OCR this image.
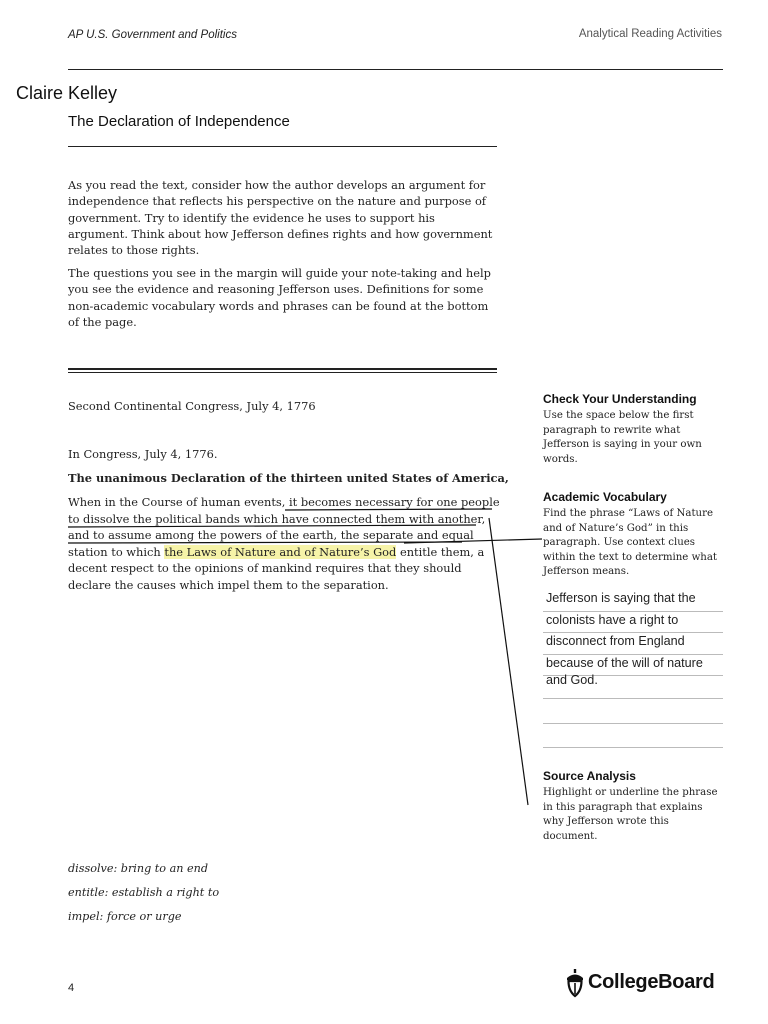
AP U.S. Government and Politics	Analytical Reading Activities
Claire Kelley
The Declaration of Independence

As you read the text, consider how the author develops an argument for independence that reflects his perspective on the nature and purpose of government. Try to identify the evidence he uses to support his argument. Think about how Jefferson defines rights and how government relates to those rights.

The questions you see in the margin will guide your note-taking and help you see the evidence and reasoning Jefferson uses. Definitions for some non-academic vocabulary words and phrases can be found at the bottom of the page.

Second Continental Congress, July 4, 1776
In Congress, July 4, 1776.
The unanimous Declaration of the thirteen united States of America,

When in the Course of human events, it becomes necessary for one people to dissolve the political bands which have connected them with another, and to assume among the powers of the earth, the separate and equal station to which the Laws of Nature and of Nature’s God entitle them, a decent respect to the opinions of mankind requires that they should declare the causes which impel them to the separation.

Check Your Understanding

Use the space below the first paragraph to rewrite what Jefferson is saying in your own words.

Academic Vocabulary

Find the phrase “Laws of Nature and of Nature’s God” in this paragraph. Use context clues within the text to determine what Jefferson means.

Jefferson is saying that the
colonists have a right to
disconnect from England
because of the will of nature
and God.
Source Analysis

Highlight or underline the phrase in this paragraph that explains why Jefferson wrote this document.

dissolve: bring to an end
entitle: establish a right to
impel: force or urge
4	CollegeBoard
